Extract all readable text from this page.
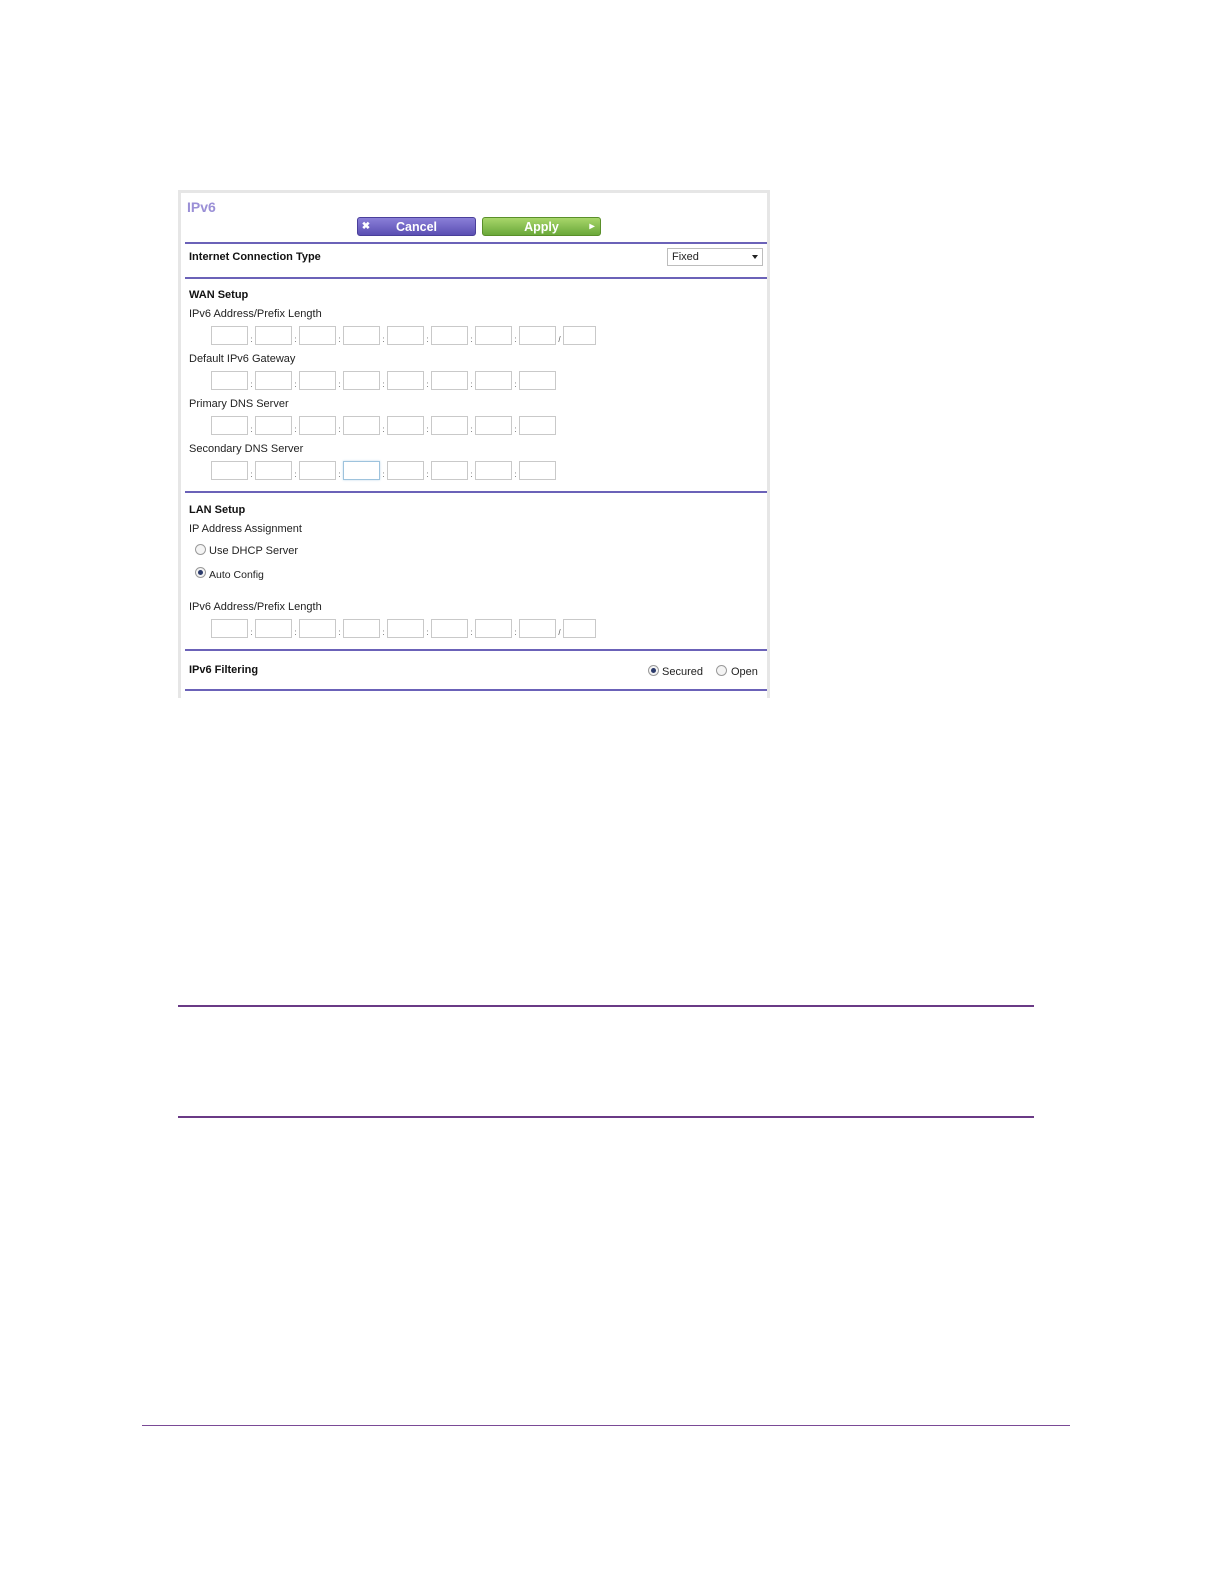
IPv6
✖	Cancel	Apply	▸
Internet Connection Type	Fixed
WAN Setup
IPv6 Address/Prefix Length
:	:	:	:	:	:	:	/
Default IPv6 Gateway
:	:	:	:	:	:	:
Primary DNS Server
:	:	:	:	:	:	:
Secondary DNS Server
:	:	:	:	:	:	:
LAN Setup
IP Address Assignment
Use DHCP Server
Auto Config
IPv6 Address/Prefix Length
:	:	:	:	:	:	:	/
IPv6 Filtering	Secured	Open
